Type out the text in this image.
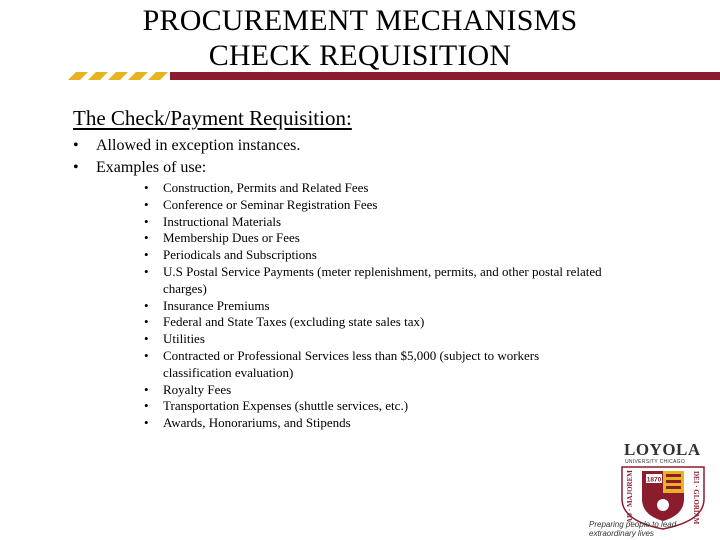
PROCUREMENT MECHANISMS
CHECK REQUISITION
The Check/Payment Requisition:
• Allowed in exception instances.
• Examples of use:
• Construction, Permits and Related Fees
• Conference or Seminar Registration Fees
• Instructional Materials
• Membership Dues or Fees
• Periodicals and Subscriptions
• U.S Postal Service Payments (meter replenishment, permits, and other postal related charges)
• Insurance Premiums
• Federal and State Taxes (excluding state sales tax)
• Utilities
• Contracted or Professional Services less than $5,000 (subject to workers classification evaluation)
• Royalty Fees
• Transportation Expenses (shuttle services, etc.)
• Awards, Honorariums, and Stipends
LOYOLA
UNIVERSITY CHICAGO
1870
AD · MAJOREM	DEI · GLORIAM
Preparing people to lead extraordinary lives
